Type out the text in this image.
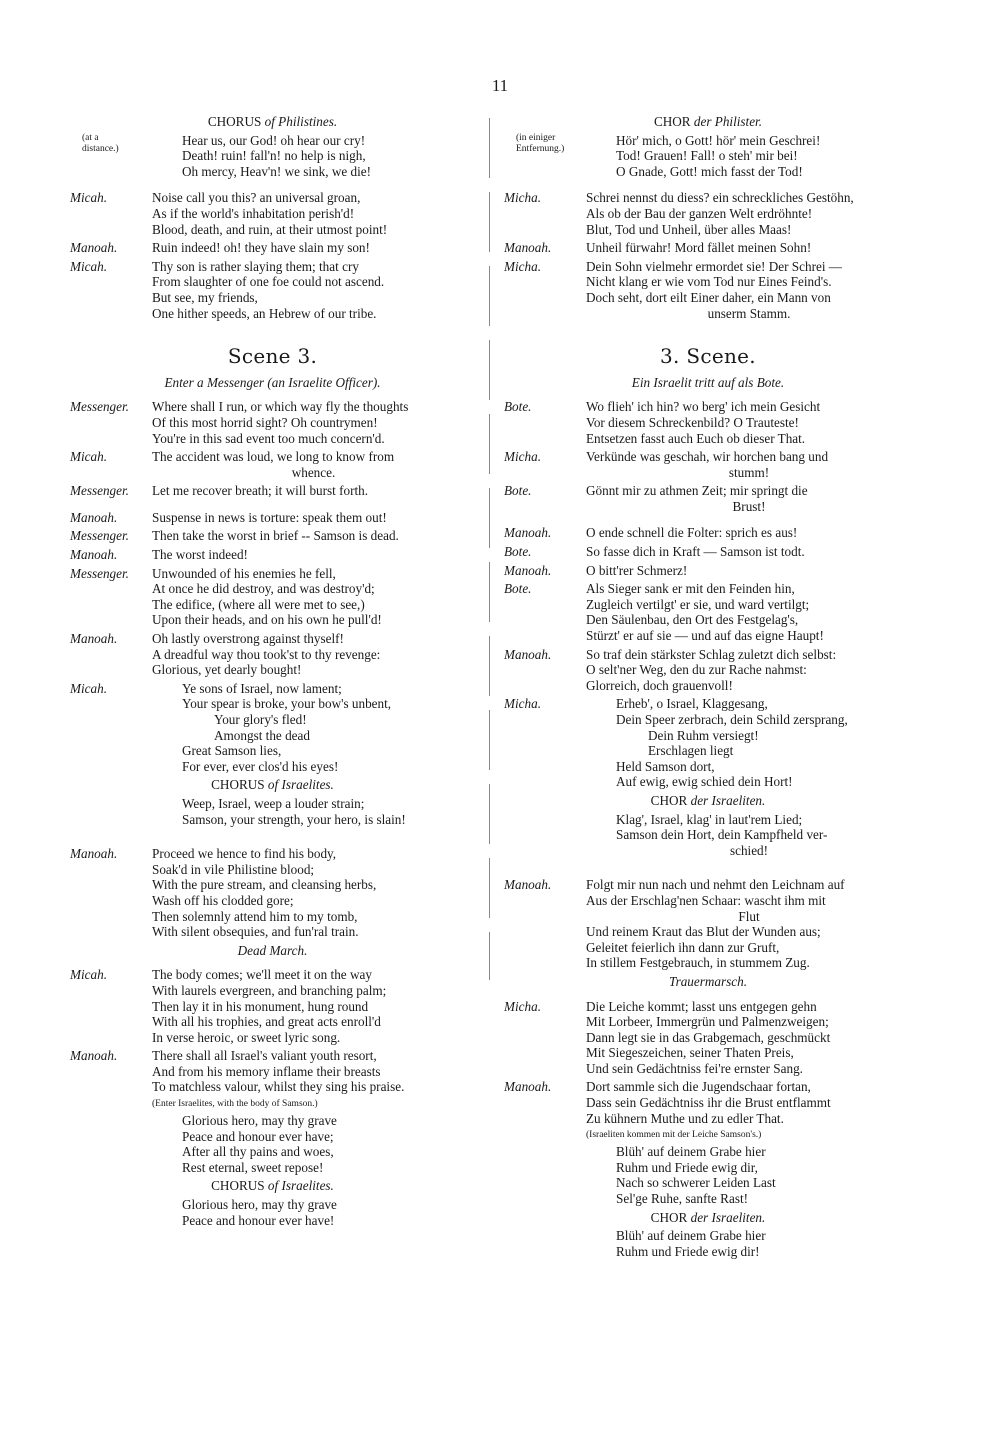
11
CHORUS of Philistines.
(at a
distance.)
Hear us, our God! oh hear our cry!
Death! ruin! fall'n! no help is nigh,
Oh mercy, Heav'n! we sink, we die!
Micah.	Noise call you this? an universal groan,
As if the world's inhabitation perish'd!
Blood, death, and ruin, at their utmost point!
Manoah.	Ruin indeed! oh! they have slain my son!
Micah.	Thy son is rather slaying them; that cry
From slaughter of one foe could not ascend.
But see, my friends,
One hither speeds, an Hebrew of our tribe.
Scene 3.
Enter a Messenger (an Israelite Officer).
Messenger.	Where shall I run, or which way fly the thoughts
Of this most horrid sight? Oh countrymen!
You're in this sad event too much concern'd.
Micah.	The accident was loud, we long to know from
whence.
Messenger.	Let me recover breath; it will burst forth.
Manoah.	Suspense in news is torture: speak them out!
Messenger.	Then take the worst in brief -- Samson is dead.
Manoah.	The worst indeed!
Messenger.	Unwounded of his enemies he fell,
At once he did destroy, and was destroy'd;
The edifice, (where all were met to see,)
Upon their heads, and on his own he pull'd!
Manoah.	Oh lastly overstrong against thyself!
A dreadful way thou took'st to thy revenge:
Glorious, yet dearly bought!
Micah.	Ye sons of Israel, now lament;
Your spear is broke, your bow's unbent,
Your glory's fled!
Amongst the dead
Great Samson lies,
For ever, ever clos'd his eyes!
CHORUS of Israelites.
Weep, Israel, weep a louder strain;
Samson, your strength, your hero, is slain!
Manoah.	Proceed we hence to find his body,
Soak'd in vile Philistine blood;
With the pure stream, and cleansing herbs,
Wash off his clodded gore;
Then solemnly attend him to my tomb,
With silent obsequies, and fun'ral train.
Dead March.
Micah.	The body comes; we'll meet it on the way
With laurels evergreen, and branching palm;
Then lay it in his monument, hung round
With all his trophies, and great acts enroll'd
In verse heroic, or sweet lyric song.
Manoah.	There shall all Israel's valiant youth resort,
And from his memory inflame their breasts
To matchless valour, whilst they sing his praise.
(Enter Israelites, with the body of Samson.)
Glorious hero, may thy grave
Peace and honour ever have;
After all thy pains and woes,
Rest eternal, sweet repose!
CHORUS of Israelites.
Glorious hero, may thy grave
Peace and honour ever have!
CHOR der Philister.
(in einiger
Entfernung.)
Hör' mich, o Gott! hör' mein Geschrei!
Tod! Grauen! Fall! o steh' mir bei!
O Gnade, Gott! mich fasst der Tod!
Micha.	Schrei nennst du diess? ein schreckliches Gestöhn,
Als ob der Bau der ganzen Welt erdröhnte!
Blut, Tod und Unheil, über alles Maas!
Manoah.	Unheil fürwahr! Mord fället meinen Sohn!
Micha.	Dein Sohn vielmehr ermordet sie! Der Schrei —
Nicht klang er wie vom Tod nur Eines Feind's.
Doch seht, dort eilt Einer daher, ein Mann von
unserm Stamm.
3. Scene.
Ein Israelit tritt auf als Bote.
Bote.	Wo flieh' ich hin? wo berg' ich mein Gesicht
Vor diesem Schreckenbild? O Trauteste!
Entsetzen fasst auch Euch ob dieser That.
Micha.	Verkünde was geschah, wir horchen bang und
stumm!
Bote.	Gönnt mir zu athmen Zeit; mir springt die
Brust!
Manoah.	O ende schnell die Folter: sprich es aus!
Bote.	So fasse dich in Kraft — Samson ist todt.
Manoah.	O bitt'rer Schmerz!
Bote.	Als Sieger sank er mit den Feinden hin,
Zugleich vertilgt' er sie, und ward vertilgt;
Den Säulenbau, den Ort des Festgelag's,
Stürzt' er auf sie — und auf das eigne Haupt!
Manoah.	So traf dein stärkster Schlag zuletzt dich selbst:
O selt'ner Weg, den du zur Rache nahmst:
Glorreich, doch grauenvoll!
Micha.	Erheb', o Israel, Klaggesang,
Dein Speer zerbrach, dein Schild zersprang,
Dein Ruhm versiegt!
Erschlagen liegt
Held Samson dort,
Auf ewig, ewig schied dein Hort!
CHOR der Israeliten.
Klag', Israel, klag' in laut'rem Lied;
Samson dein Hort, dein Kampfheld ver-
schied!
Manoah.	Folgt mir nun nach und nehmt den Leichnam auf
Aus der Erschlag'nen Schaar: wascht ihm mit
Flut
Und reinem Kraut das Blut der Wunden aus;
Geleitet feierlich ihn dann zur Gruft,
In stillem Festgebrauch, in stummem Zug.
Trauermarsch.
Micha.	Die Leiche kommt; lasst uns entgegen gehn
Mit Lorbeer, Immergrün und Palmenzweigen;
Dann legt sie in das Grabgemach, geschmückt
Mit Siegeszeichen, seiner Thaten Preis,
Und sein Gedächtniss fei're ernster Sang.
Manoah.	Dort sammle sich die Jugendschaar fortan,
Dass sein Gedächtniss ihr die Brust entflammt
Zu kühnern Muthe und zu edler That.
(Israeliten kommen mit der Leiche Samson's.)
Blüh' auf deinem Grabe hier
Ruhm und Friede ewig dir,
Nach so schwerer Leiden Last
Sel'ge Ruhe, sanfte Rast!
CHOR der Israeliten.
Blüh' auf deinem Grabe hier
Ruhm und Friede ewig dir!
